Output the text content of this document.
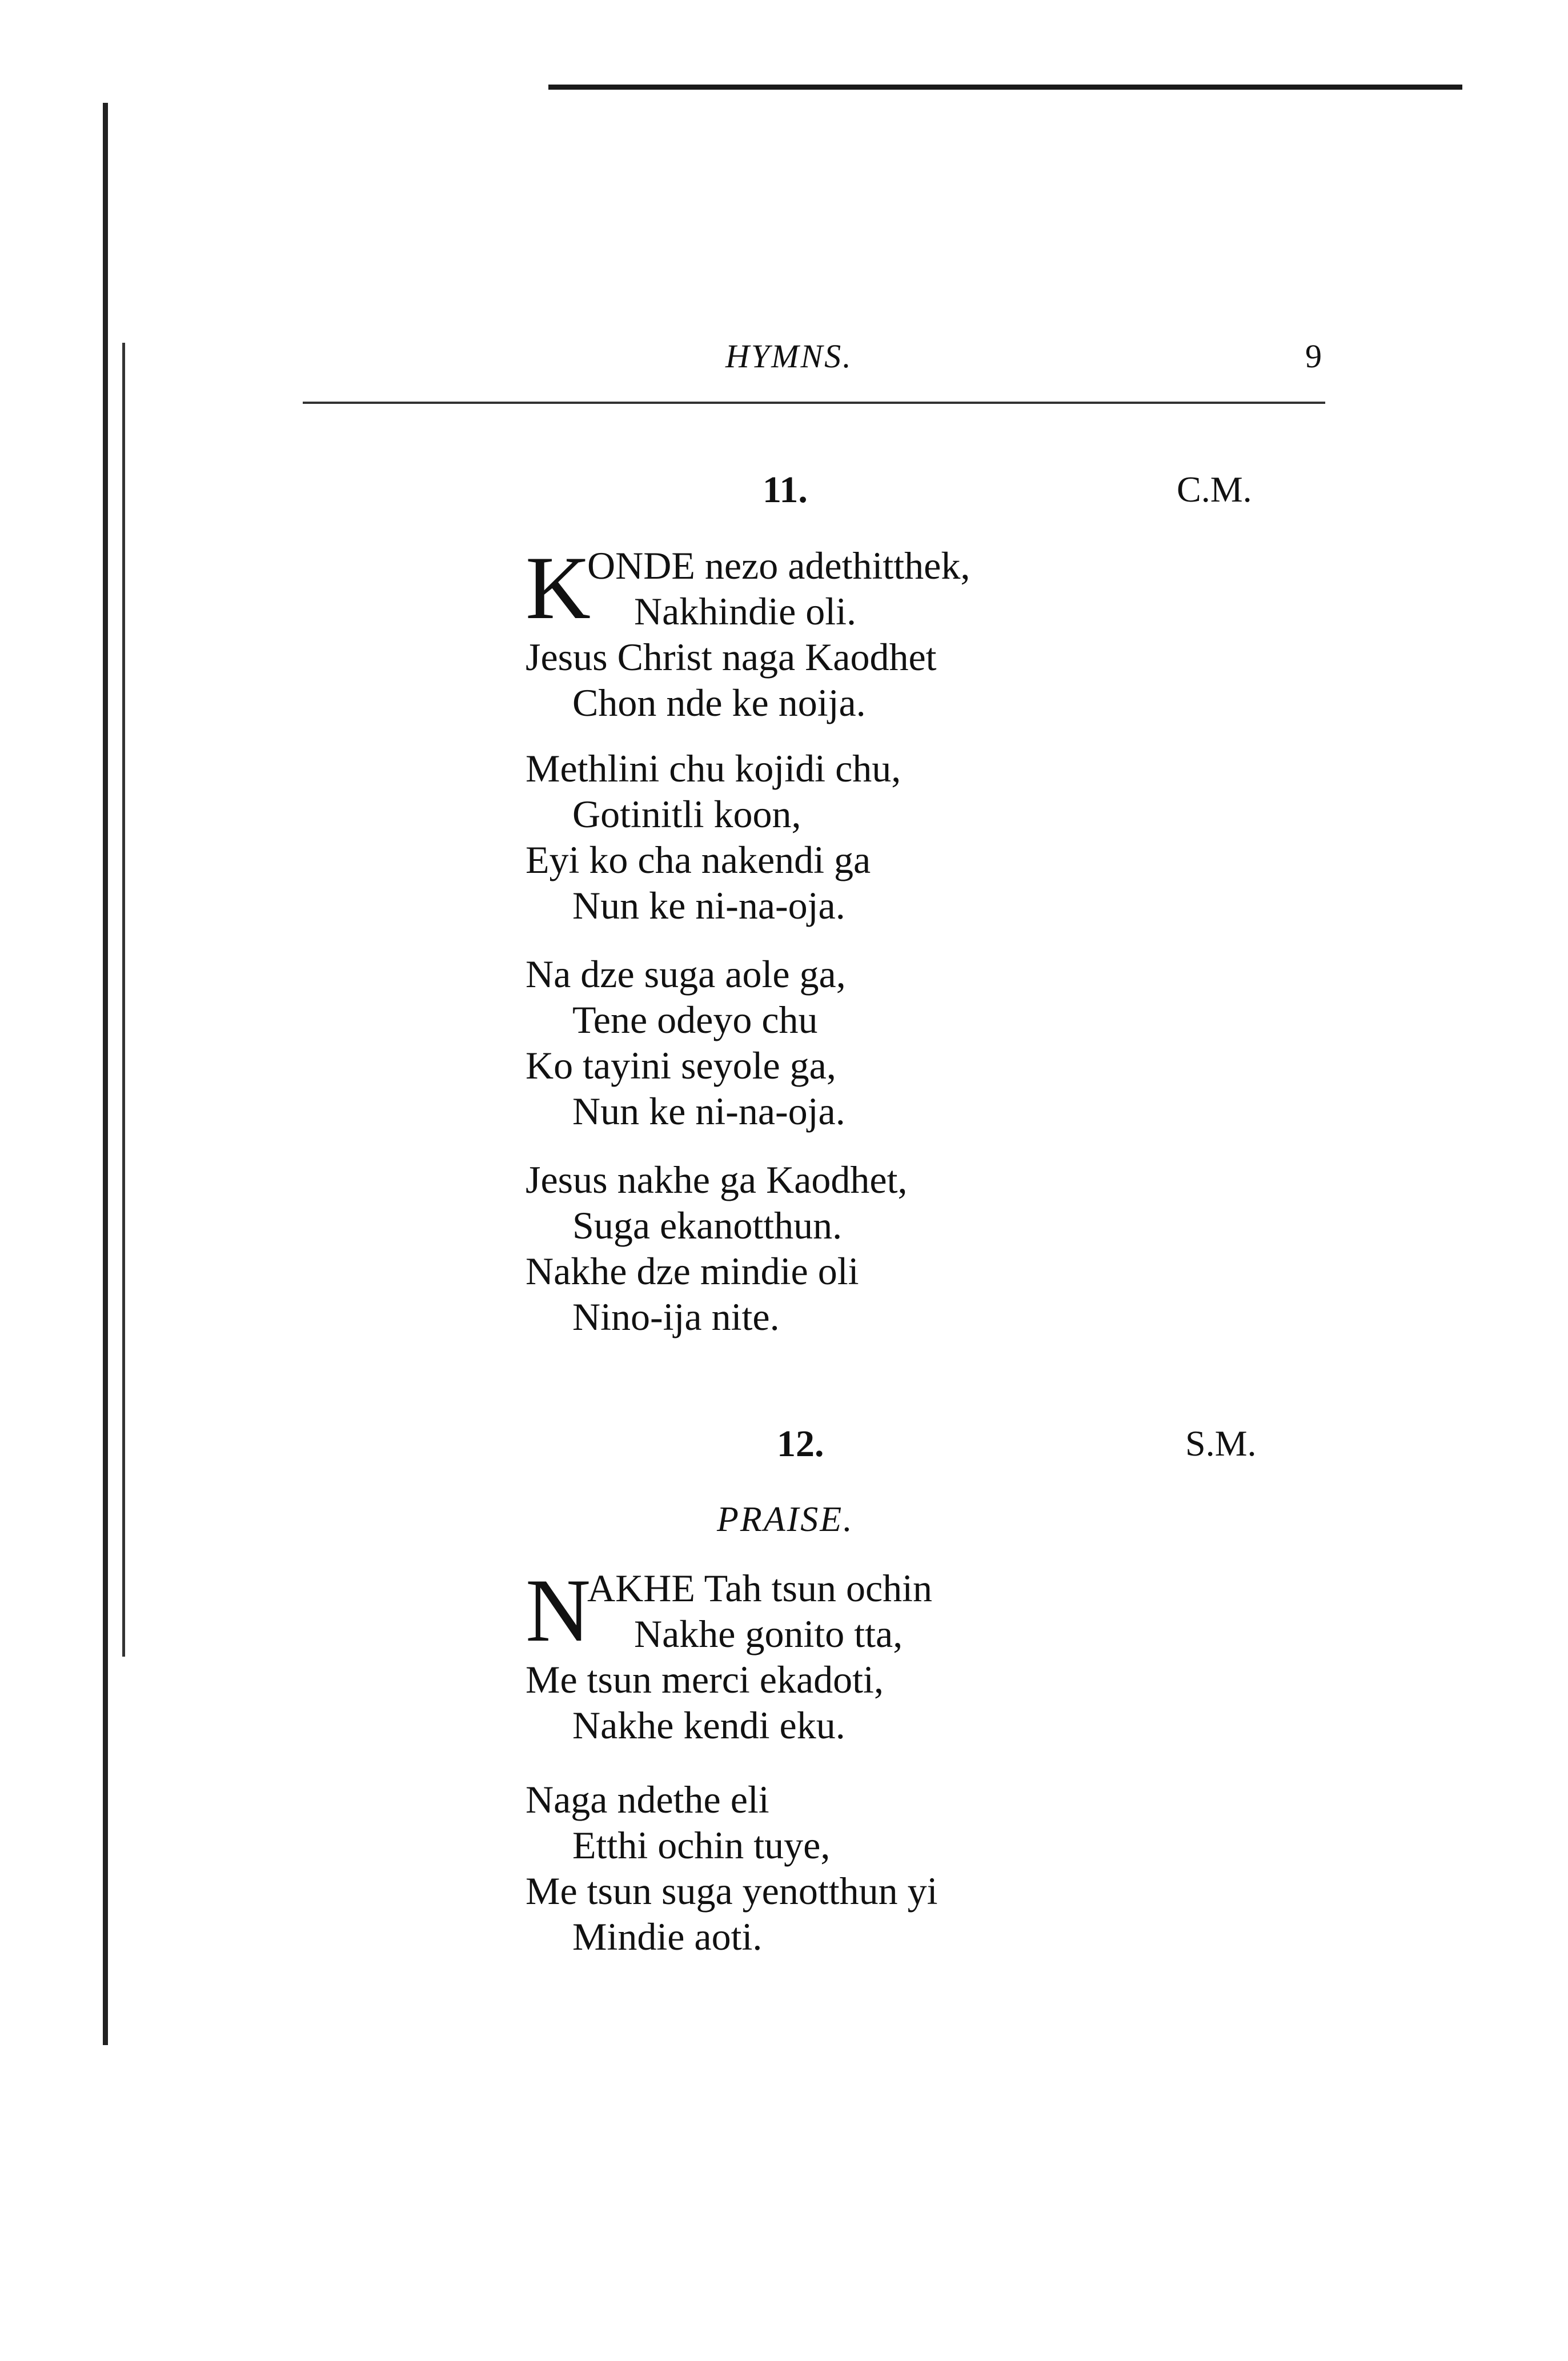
HYMNS.	9
11.	C.M.
K
ONDE nezo adethitthek,
Nakhindie oli.
Jesus Christ naga Kaodhet
Chon nde ke noija.
Methlini chu kojidi chu,
Gotinitli koon,
Eyi ko cha nakendi ga
Nun ke ni-na-oja.
Na dze suga aole ga,
Tene odeyo chu
Ko tayini seyole ga,
Nun ke ni-na-oja.
Jesus nakhe ga Kaodhet,
Suga ekanotthun.
Nakhe dze mindie oli
Nino-ija nite.
12.	S.M.
PRAISE.
N
AKHE Tah tsun ochin
Nakhe gonito tta,
Me tsun merci ekadoti,
Nakhe kendi eku.
Naga ndethe eli
Etthi ochin tuye,
Me tsun suga yenotthun yi
Mindie aoti.
